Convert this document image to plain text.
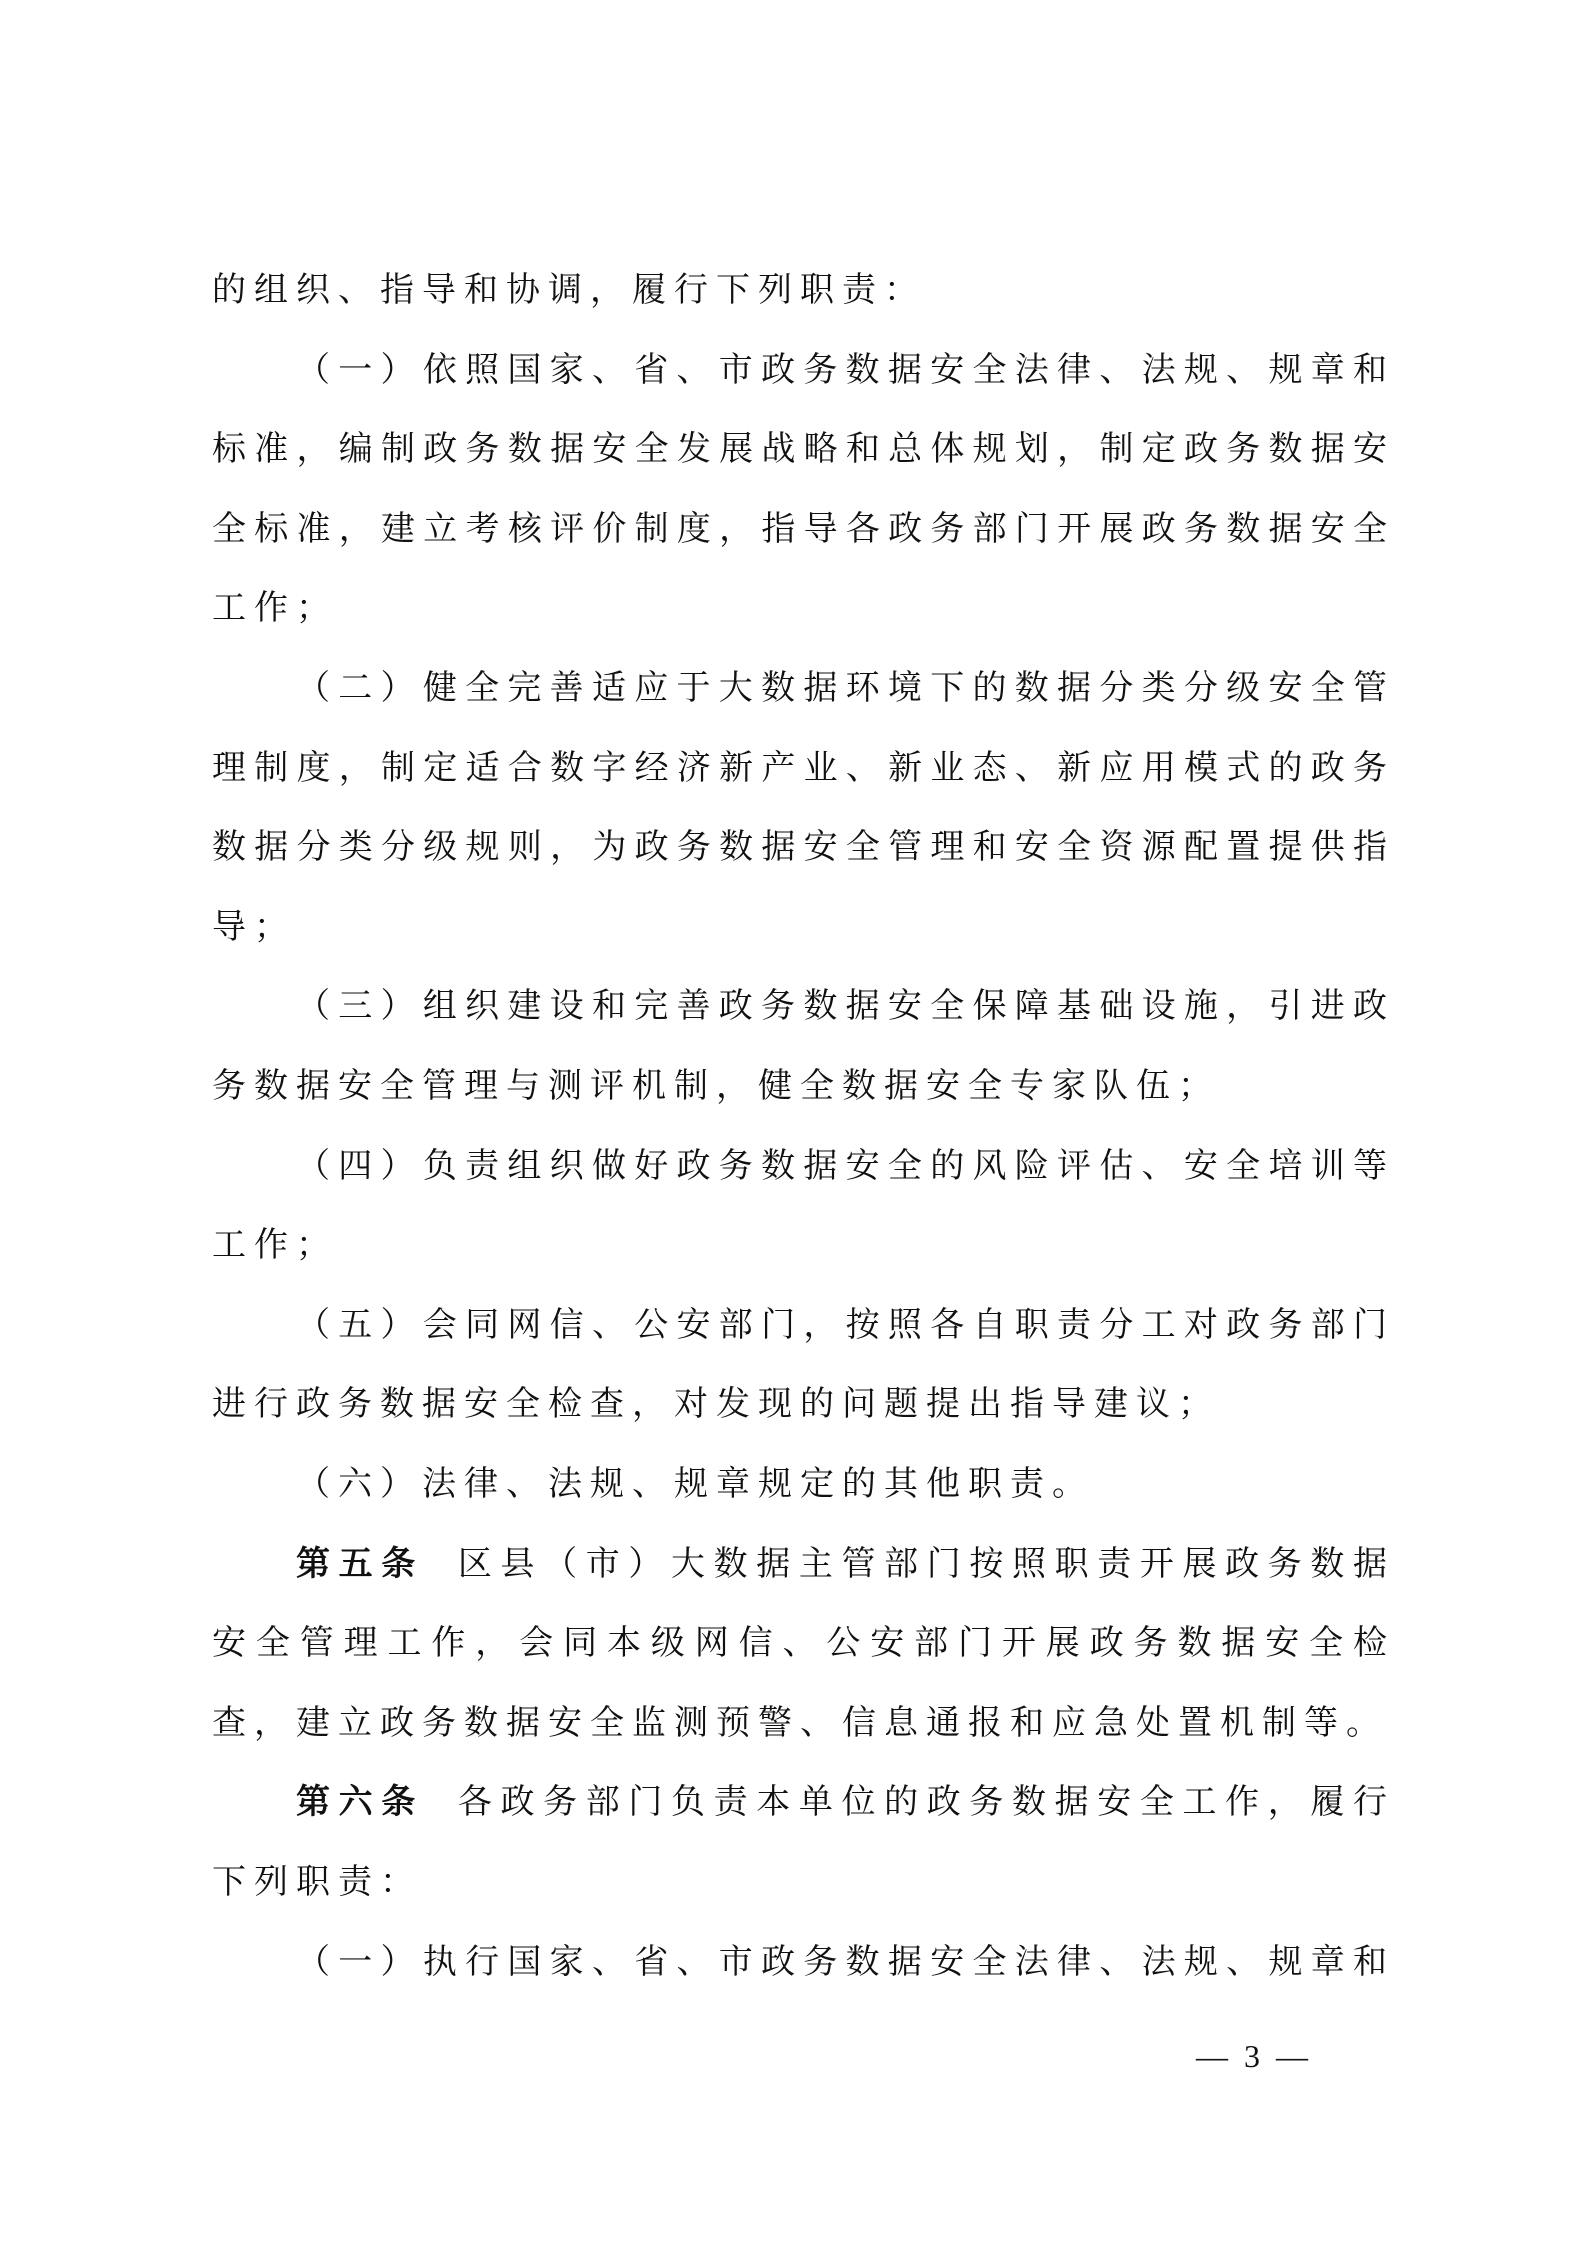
的组织、指导和协调，履行下列职责：
（一）依照国家、省、市政务数据安全法律、法规、规章和
标准，编制政务数据安全发展战略和总体规划，制定政务数据安
全标准，建立考核评价制度，指导各政务部门开展政务数据安全
工作；
（二）健全完善适应于大数据环境下的数据分类分级安全管
理制度，制定适合数字经济新产业、新业态、新应用模式的政务
数据分类分级规则，为政务数据安全管理和安全资源配置提供指
导；
（三）组织建设和完善政务数据安全保障基础设施，引进政
务数据安全管理与测评机制，健全数据安全专家队伍；
（四）负责组织做好政务数据安全的风险评估、安全培训等
工作；
（五）会同网信、公安部门，按照各自职责分工对政务部门
进行政务数据安全检查，对发现的问题提出指导建议；
（六）法律、法规、规章规定的其他职责。
第五条 区县（市）大数据主管部门按照职责开展政务数据
安全管理工作，会同本级网信、公安部门开展政务数据安全检
查，建立政务数据安全监测预警、信息通报和应急处置机制等。
第六条 各政务部门负责本单位的政务数据安全工作，履行
下列职责：
（一）执行国家、省、市政务数据安全法律、法规、规章和
— 3 —
